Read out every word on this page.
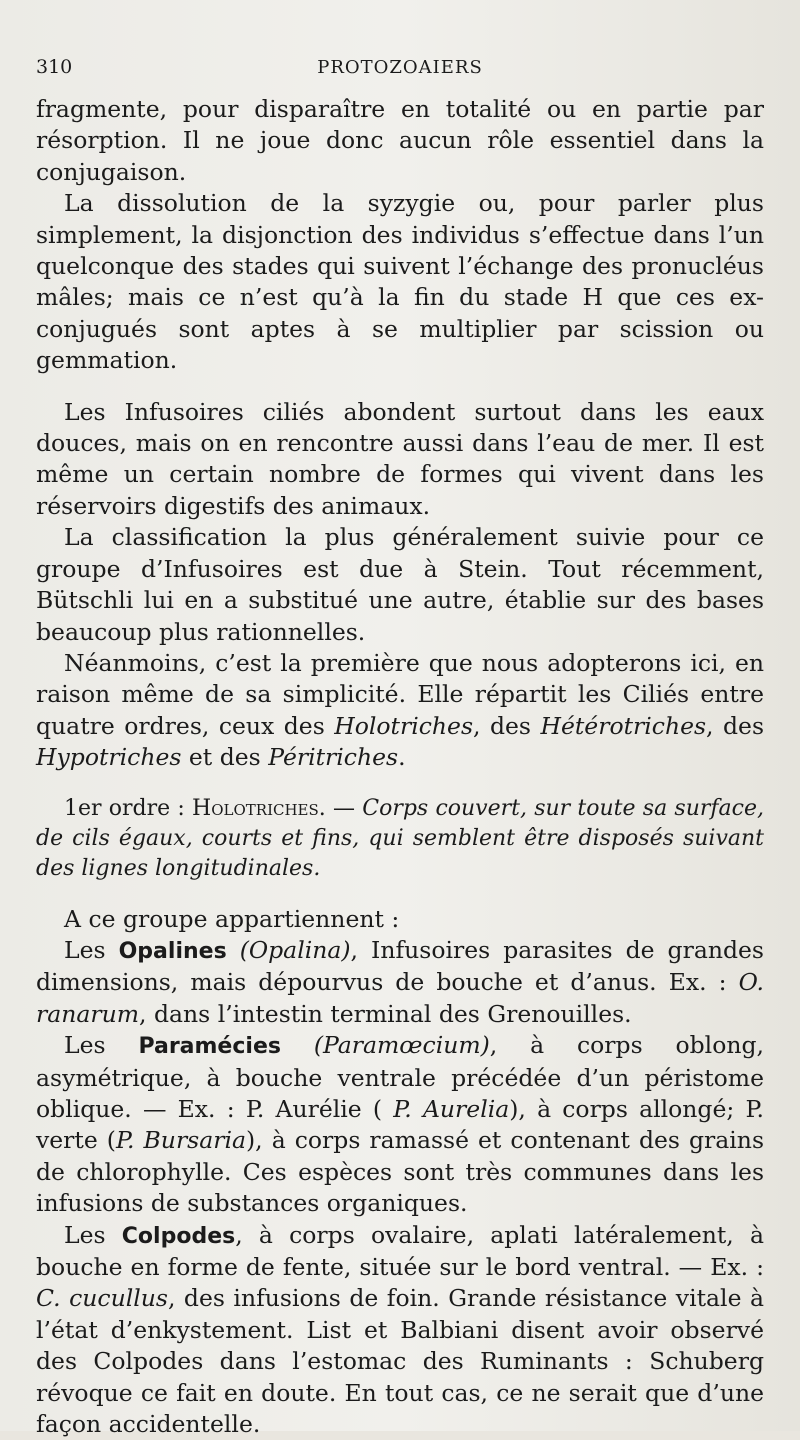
310	PROTOZOAIERS

fragmente, pour disparaître en totalité ou en partie par résorption. Il ne joue donc aucun rôle essentiel dans la conjugaison.

La dissolution de la syzygie ou, pour parler plus simplement, la disjonction des individus s’effectue dans l’un quelconque des stades qui suivent l’échange des pronucléus mâles; mais ce n’est qu’à la fin du stade H que ces ex-conjugués sont aptes à se multiplier par scission ou gemmation.

Les Infusoires ciliés abondent surtout dans les eaux douces, mais on en rencontre aussi dans l’eau de mer. Il est même un certain nombre de formes qui vivent dans les réservoirs digestifs des animaux.

La classification la plus généralement suivie pour ce groupe d’Infusoires est due à Stein. Tout récemment, Bütschli lui en a substitué une autre, établie sur des bases beaucoup plus rationnelles.

Néanmoins, c’est la première que nous adopterons ici, en raison même de sa simplicité. Elle répartit les Ciliés entre quatre ordres, ceux des Holotriches, des Hétérotriches, des Hypotriches et des Péritriches.

1er ordre : Holotriches. — Corps couvert, sur toute sa surface, de cils égaux, courts et fins, qui semblent être disposés suivant des lignes longitudinales.

A ce groupe appartiennent :

Les Opalines (Opalina), Infusoires parasites de grandes dimensions, mais dépourvus de bouche et d’anus. Ex. : O. ranarum, dans l’intestin terminal des Grenouilles.

Les Paramécies (Paramœcium), à corps oblong, asymétrique, à bouche ventrale précédée d’un péristome oblique. — Ex. : P. Aurélie ( P. Aurelia), à corps allongé; P. verte (P. Bursaria), à corps ramassé et contenant des grains de chlorophylle. Ces espèces sont très communes dans les infusions de substances organiques.

Les Colpodes, à corps ovalaire, aplati latéralement, à bouche en forme de fente, située sur le bord ventral. — Ex. : C. cucullus, des infusions de foin. Grande résistance vitale à l’état d’enkystement. List et Balbiani disent avoir observé des Colpodes dans l’estomac des Ruminants : Schuberg révoque ce fait en doute. En tout cas, ce ne serait que d’une façon accidentelle.
